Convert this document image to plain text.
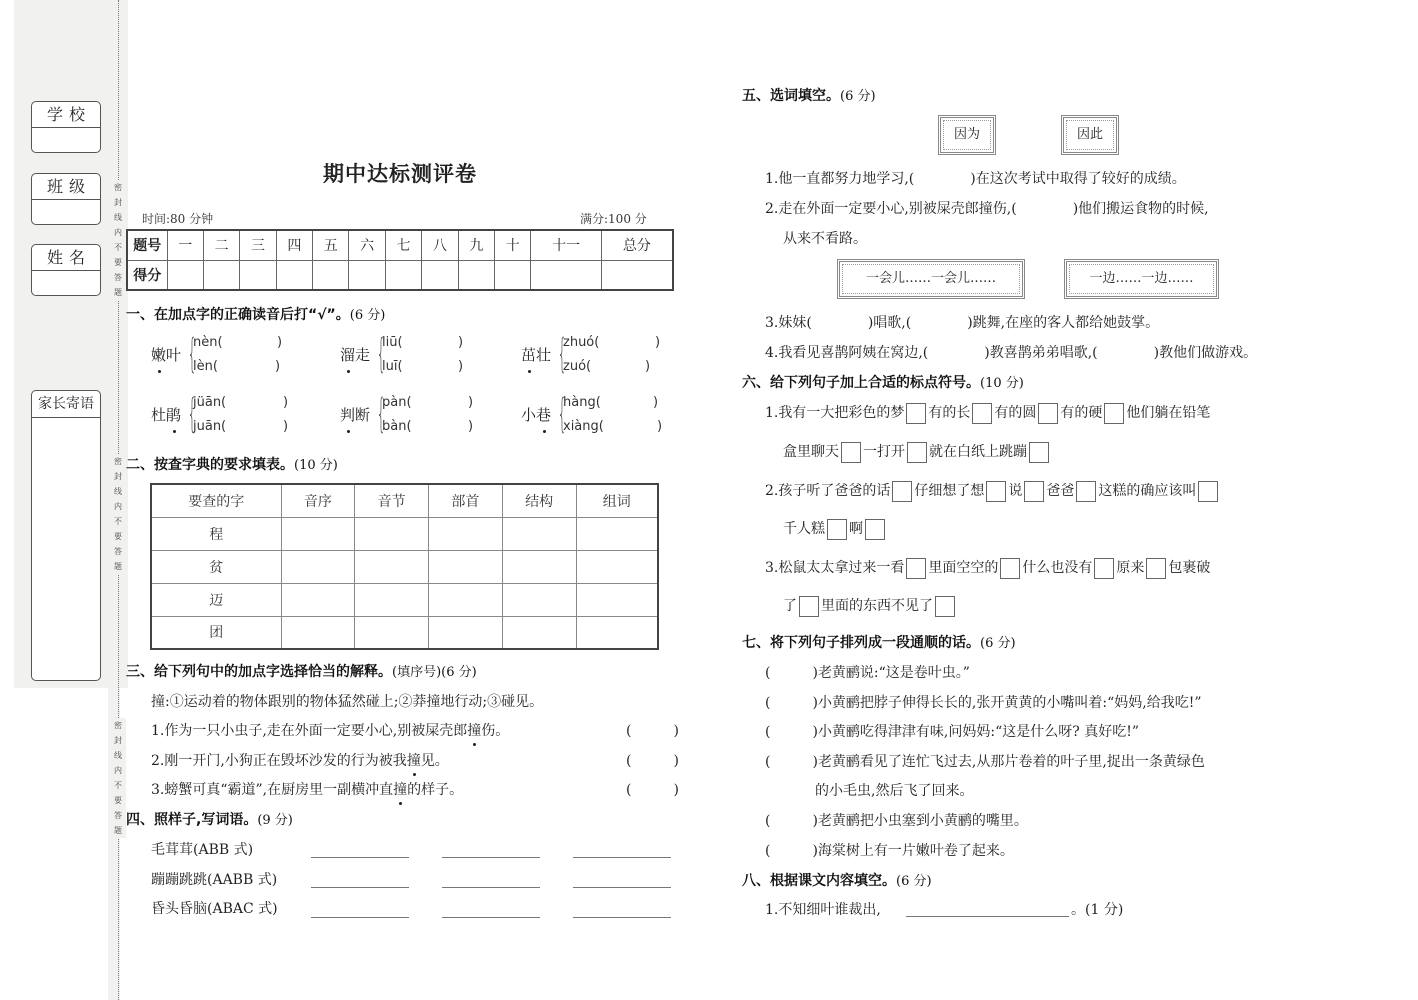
密
封
线
内
不
要
答
题
密
封
线
内
不
要
答
题
密
封
线
内
不
要
答
题
学校
班级
姓名
家长寄语
期中达标测评卷
时间:80 分钟	满分:100 分
题号	一	二	三	四	五	六	七	八	九	十	十一	总分
得分												
一、在加点字的正确读音后打“√”。(6 分)
嫩 叶 {
nèn(	)
lèn(	)
溜 走 {
liū(	)
luī(	)
茁 壮 {
zhuó(	)
zuó(	)
杜 鹃 {
jüān(	)
juān(	)
判 断 {
pàn(	)
bàn(	)
小 巷 {
hàng(	)
xiàng(	)
二、按查字典的要求填表。(10 分)
要查的字	音序	音节	部首	结构	组词
程					
贫					
迈					
团					
三、给下列句中的加点字选择恰当的解释。(填序号)(6 分)
撞:①运动着的物体跟别的物体猛然碰上;②莽撞地行动;③碰见。
1.作为一只小虫子,走在外面一定要小心,别被屎壳郎撞伤。	(　　　)
2.刚一开门,小狗正在毁坏沙发的行为被我撞见。	(　　　)
3.螃蟹可真“霸道”,在厨房里一副横冲直撞的样子。	(　　　)
四、照样子,写词语。(9 分)
毛茸茸(ABB 式)
蹦蹦跳跳(AABB 式)
昏头昏脑(ABAC 式)
五、选词填空。(6 分)
因为	因此
1.他一直都努力地学习,(　　　　)在这次考试中取得了较好的成绩。
2.走在外面一定要小心,别被屎壳郎撞伤,(　　　　)他们搬运食物的时候,
从来不看路。
一会儿……一会儿……	一边……一边……
3.妹妹(　　　　)唱歌,(　　　　)跳舞,在座的客人都给她鼓掌。
4.我看见喜鹊阿姨在窝边,(　　　　)教喜鹊弟弟唱歌,(　　　　)教他们做游戏。
六、给下列句子加上合适的标点符号。(10 分)
1.我有一大把彩色的梦 有的长 有的圆 有的硬 他们躺在铅笔
盒里聊天 一打开 就在白纸上跳蹦
2.孩子听了爸爸的话 仔细想了想 说 爸爸 这糕的确应该叫
千人糕 啊
3.松鼠太太拿过来一看 里面空空的 什么也没有 原来 包裹破
了 里面的东西不见了
七、将下列句子排列成一段通顺的话。(6 分)
(　　　)老黄鹂说:“这是卷叶虫。”
(　　　)小黄鹂把脖子伸得长长的,张开黄黄的小嘴叫着:“妈妈,给我吃!”
(　　　)小黄鹂吃得津津有味,问妈妈:“这是什么呀? 真好吃!”
(　　　)老黄鹂看见了连忙飞过去,从那片卷着的叶子里,捉出一条黄绿色
的小毛虫,然后飞了回来。
(　　　)老黄鹂把小虫塞到小黄鹂的嘴里。
(　　　)海棠树上有一片嫩叶卷了起来。
八、根据课文内容填空。(6 分)
1.不知细叶谁裁出,	。(1 分)
